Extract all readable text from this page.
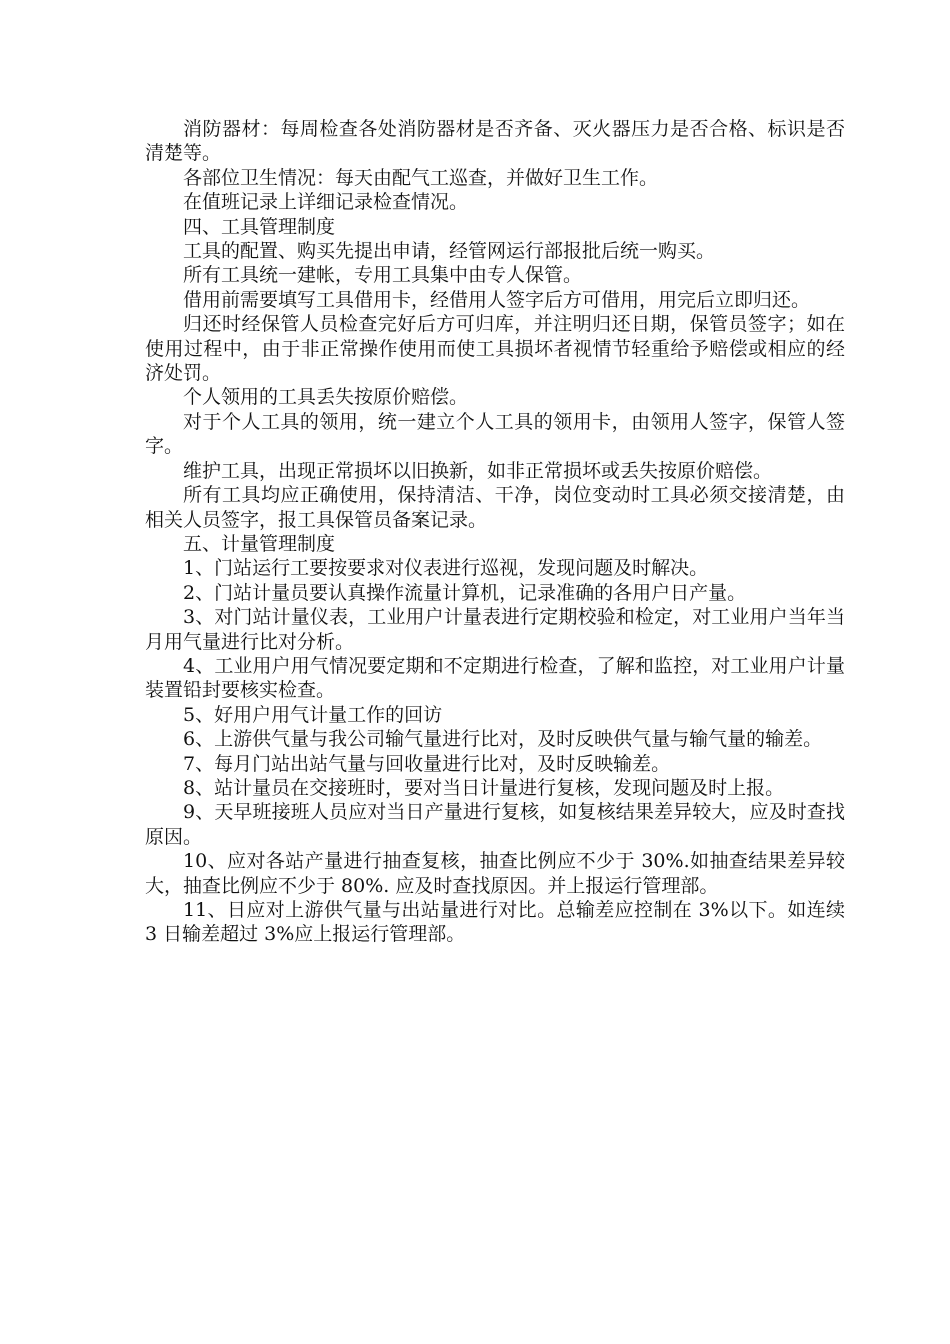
消防器材：每周检查各处消防器材是否齐备、灭火器压力是否合格、标识是否清楚等。

各部位卫生情况：每天由配气工巡查，并做好卫生工作。

在值班记录上详细记录检查情况。

四、工具管理制度

工具的配置、购买先提出申请，经管网运行部报批后统一购买。

所有工具统一建帐，专用工具集中由专人保管。

借用前需要填写工具借用卡，经借用人签字后方可借用，用完后立即归还。

归还时经保管人员检查完好后方可归库，并注明归还日期，保管员签字；如在使用过程中，由于非正常操作使用而使工具损坏者视情节轻重给予赔偿或相应的经济处罚。

个人领用的工具丢失按原价赔偿。

对于个人工具的领用，统一建立个人工具的领用卡，由领用人签字，保管人签字。

维护工具，出现正常损坏以旧换新，如非正常损坏或丢失按原价赔偿。

所有工具均应正确使用，保持清洁、干净，岗位变动时工具必须交接清楚，由相关人员签字，报工具保管员备案记录。

五、计量管理制度

1、门站运行工要按要求对仪表进行巡视，发现问题及时解决。

2、门站计量员要认真操作流量计算机，记录准确的各用户日产量。

3、对门站计量仪表，工业用户计量表进行定期校验和检定，对工业用户当年当月用气量进行比对分析。

4、工业用户用气情况要定期和不定期进行检查，了解和监控，对工业用户计量装置铅封要核实检查。

5、好用户用气计量工作的回访

6、上游供气量与我公司输气量进行比对，及时反映供气量与输气量的输差。

7、每月门站出站气量与回收量进行比对，及时反映输差。

8、站计量员在交接班时，要对当日计量进行复核，发现问题及时上报。

9、天早班接班人员应对当日产量进行复核，如复核结果差异较大，应及时查找原因。

10、应对各站产量进行抽查复核，抽查比例应不少于 30%.如抽查结果差异较大，抽查比例应不少于 80%. 应及时查找原因。并上报运行管理部。

11、日应对上游供气量与出站量进行对比。总输差应控制在 3%以下。如连续 3 日输差超过 3%应上报运行管理部。
